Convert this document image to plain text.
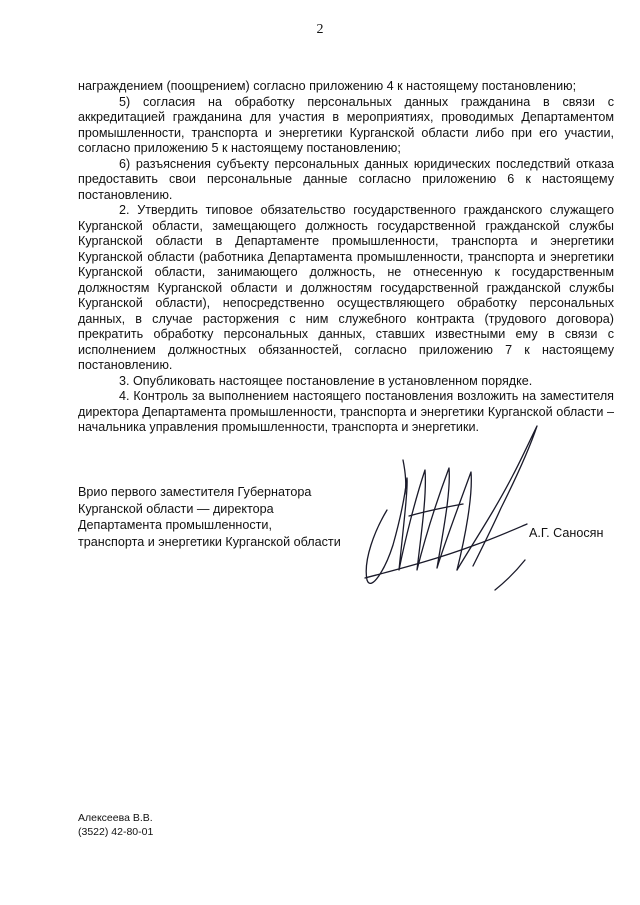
2

награждением (поощрением) согласно приложению 4 к настоящему постановлению;

5) согласия на обработку персональных данных гражданина в связи с аккредитацией гражданина для участия в мероприятиях, проводимых Департаментом промышленности, транспорта и энергетики Курганской области либо при его участии, согласно приложению 5 к настоящему постановлению;

6) разъяснения субъекту персональных данных юридических последствий отказа предоставить свои персональные данные согласно приложению 6 к настоящему постановлению.

2. Утвердить типовое обязательство государственного гражданского служащего Курганской области, замещающего должность государственной гражданской службы Курганской области в Департаменте промышленности, транспорта и энергетики Курганской области (работника Департамента промышленности, транспорта и энергетики Курганской области, занимающего должность, не отнесенную к государственным должностям Курганской области и должностям государственной гражданской службы Курганской области), непосредственно осуществляющего обработку персональных данных, в случае расторжения с ним служебного контракта (трудового договора) прекратить обработку персональных данных, ставших известными ему в связи с исполнением должностных обязанностей, согласно приложению 7 к настоящему постановлению.

3. Опубликовать настоящее постановление в установленном порядке.

4. Контроль за выполнением настоящего постановления возложить на заместителя директора Департамента промышленности, транспорта и энергетики Курганской области – начальника управления промышленности, транспорта и энергетики.

Врио первого заместителя Губернатора
Курганской области — директора
Департамента промышленности,
транспорта и энергетики Курганской области
А.Г. Саносян
Алексеева В.В.
(3522) 42-80-01
